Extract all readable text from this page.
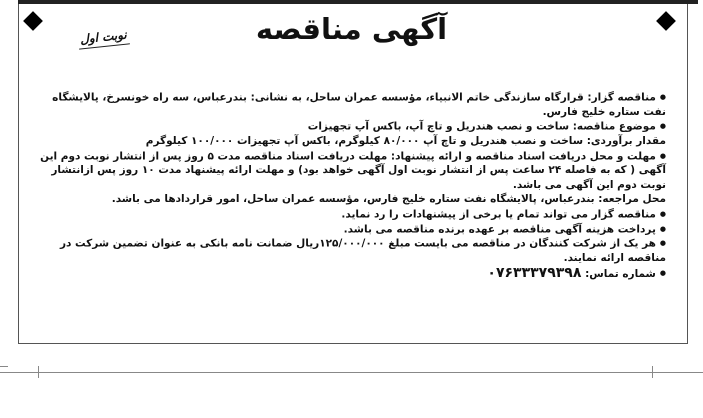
آگهی مناقصه
نوبت اول

●مناقصه گزار: قرارگاه سازندگی خاتم الانبیاء، مؤسسه عمران ساحل، به نشانی: بندرعباس، سه راه خونسرخ، پالایشگاه نفت ستاره خلیج فارس.

●موضوع مناقصه: ساخت و نصب هندریل و تاچ آپ، باکس آپ تجهیزات

مقدار برآوردی: ساخت و نصب هندریل و تاچ آپ ۸۰/۰۰۰ کیلوگرم، باکس آپ تجهیزات ۱۰۰/۰۰۰ کیلوگرم

●مهلت و محل دریافت اسناد مناقصه و ارائه پیشنهاد: مهلت دریافت اسناد مناقصه مدت ۵ روز پس از انتشار نوبت دوم این آگهی ( که به فاصله ۲۴ ساعت پس از انتشار نوبت اول آگهی خواهد بود) و مهلت ارائه پیشنهاد مدت ۱۰ روز پس ازانتشار نوبت دوم این آگهی می باشد.

محل مراجعه: بندرعباس، پالایشگاه نفت ستاره خلیج فارس، مؤسسه عمران ساحل، امور قراردادها می باشد.

●مناقصه گزار می تواند تمام یا برخی از پیشنهادات را رد نماید.

●پرداخت هزینه آگهی مناقصه بر عهده برنده مناقصه می باشد.

●هر یک از شرکت کنندگان در مناقصه می بایست مبلغ ۱۲۵/۰۰۰/۰۰۰ریال ضمانت نامه بانکی به عنوان تضمین شرکت در مناقصه ارائه نمایند.

●شماره تماس: ۰۷۶۳۳۳۷۹۳۹۸
